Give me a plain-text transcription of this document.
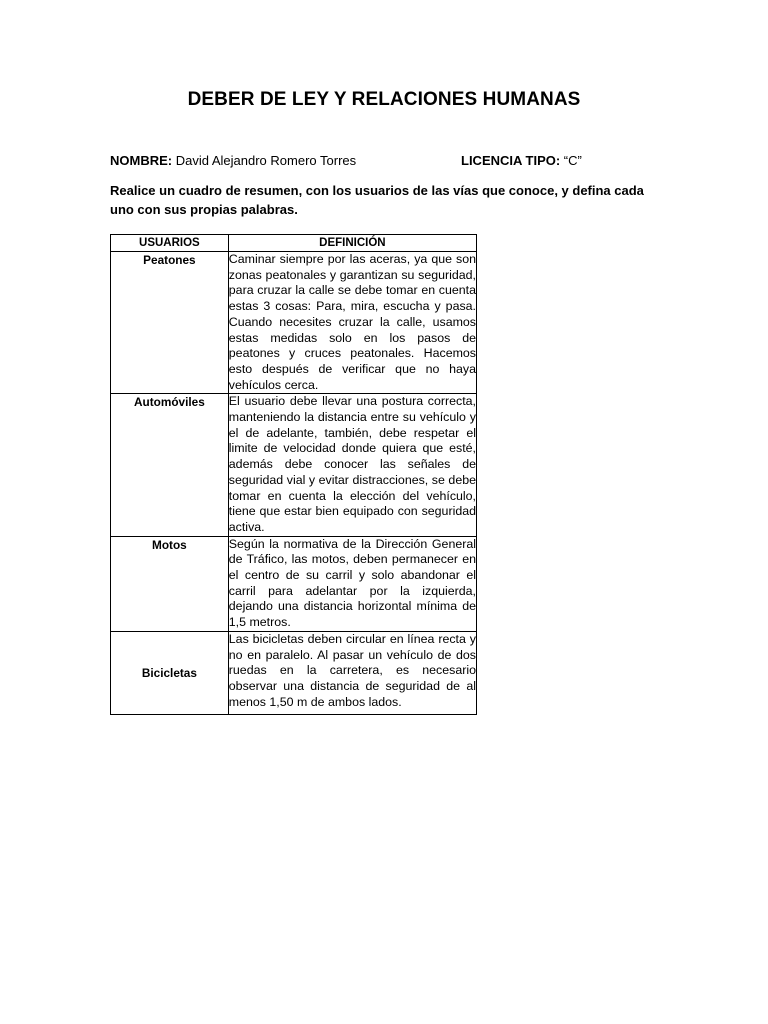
DEBER DE LEY Y RELACIONES HUMANAS
NOMBRE: David Alejandro Romero Torres	LICENCIA TIPO: “C”
Realice un cuadro de resumen, con los usuarios de las vías que conoce, y defina cada uno con sus propias palabras.
USUARIOS	DEFINICIÓN
Peatones	Caminar siempre por las aceras, ya que son zonas peatonales y garantizan su seguridad, para cruzar la calle se debe tomar en cuenta estas 3 cosas: Para, mira, escucha y pasa. Cuando necesites cruzar la calle, usamos estas medidas solo en los pasos de peatones y cruces peatonales. Hacemos esto después de verificar que no haya vehículos cerca.
Automóviles	El usuario debe llevar una postura correcta, manteniendo la distancia entre su vehículo y el de adelante, también, debe respetar el limite de velocidad donde quiera que esté, además debe conocer las señales de seguridad vial y evitar distracciones, se debe tomar en cuenta la elección del vehículo, tiene que estar bien equipado con seguridad activa.
Motos	Según la normativa de la Dirección General de Tráfico, las motos, deben permanecer en el centro de su carril y solo abandonar el carril para adelantar por la izquierda, dejando una distancia horizontal mínima de 1,5 metros.
Bicicletas	Las bicicletas deben circular en línea recta y no en paralelo. Al pasar un vehículo de dos ruedas en la carretera, es necesario observar una distancia de seguridad de al menos 1,50 m de ambos lados.
